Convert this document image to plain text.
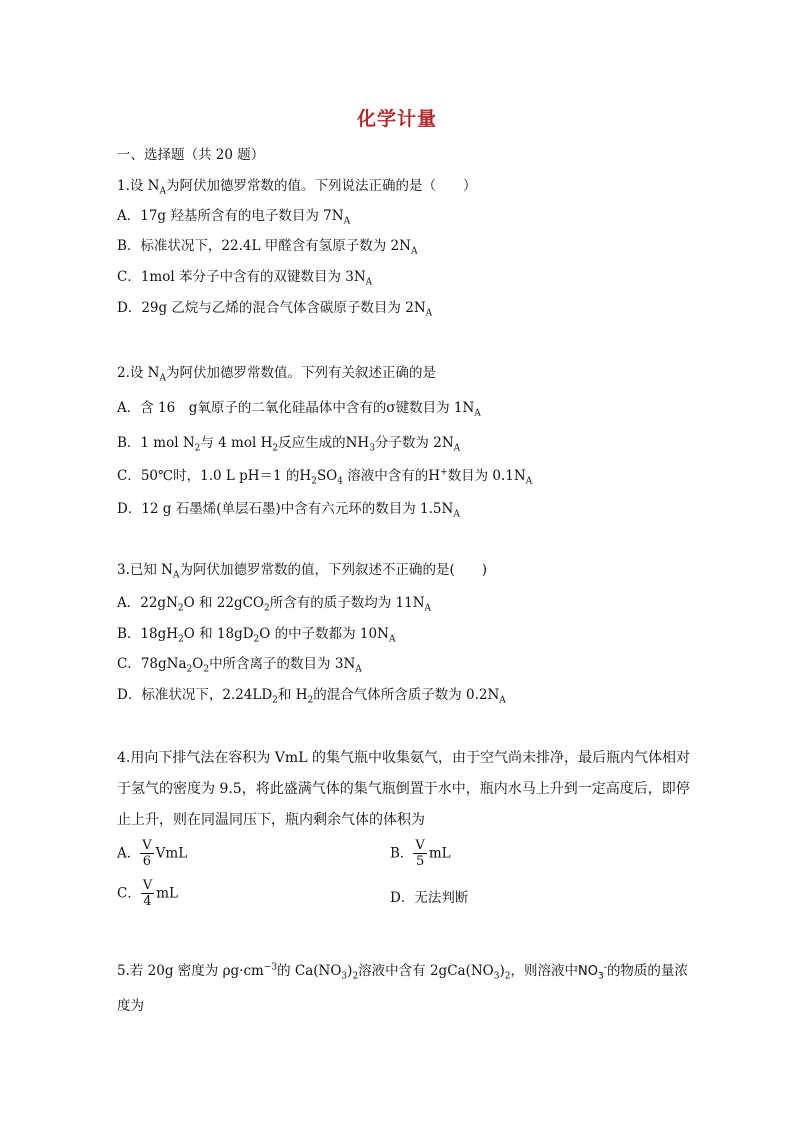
化学计量
一、选择题（共 20 题）
1.设 $N_A$为阿伏加德罗常数的值。下列说法正确的是（　　）
A．17g 羟基所含有的电子数目为 $7N_A$
B．标准状况下，22.4L 甲醛含有氢原子数为 $2N_A$
C．1mol 苯分子中含有的双键数目为 $3N_A$
D．29g 乙烷与乙烯的混合气体含碳原子数目为 $2N_A$
2.设 $N_A$为阿伏加德罗常数值。下列有关叙述正确的是
A．含 16　g氧原子的二氧化硅晶体中含有的σ键数目为 $1N_A$
B．1 mol $N_2$与 4 mol $H_2$反应生成的$NH_3$分子数为 $2N_A$
C．50℃时，1.0 L pH＝1 的$H_2SO_4$ 溶液中含有的H+数目为 $0.1N_A$
D．12 g 石墨烯(单层石墨)中含有六元环的数目为 $1.5N_A$
3.已知 $N_A$为阿伏加德罗常数的值，下列叙述不正确的是(　　)
A．$22gN_2O$ 和 22gCO$_2$所含有的质子数均为 $11N_A$
B．$18gH_2O$ 和 $18gD_2O$ 的中子数都为 $10N_A$
C．$78gNa_2O_2$中所含离子的数目为 $3N_A$
D．标准状况下，$2.24LD_2$和 $H_2$的混合气体所含质子数为 $0.2N_A$
4.用向下排气法在容积为 VmL 的集气瓶中收集氨气，由于空气尚未排净，最后瓶内气体相对
于氢气的密度为 9.5，将此盛满气体的集气瓶倒置于水中，瓶内水马上升到一定高度后，即停
止上升，则在同温同压下，瓶内剩余气体的体积为
A． $\frac{V}{6}$ VmL	B． $\frac{V}{5}$ mL
C． $\frac{V}{4}$ mL	D．无法判断
5.若 20g 密度为 $\rho g\cdot cm^{-3}$的 $Ca(NO_3)_2$溶液中含有 $2gCa(NO_3)_2$，则溶液中$NO_3^-$的物质的量浓
度为
